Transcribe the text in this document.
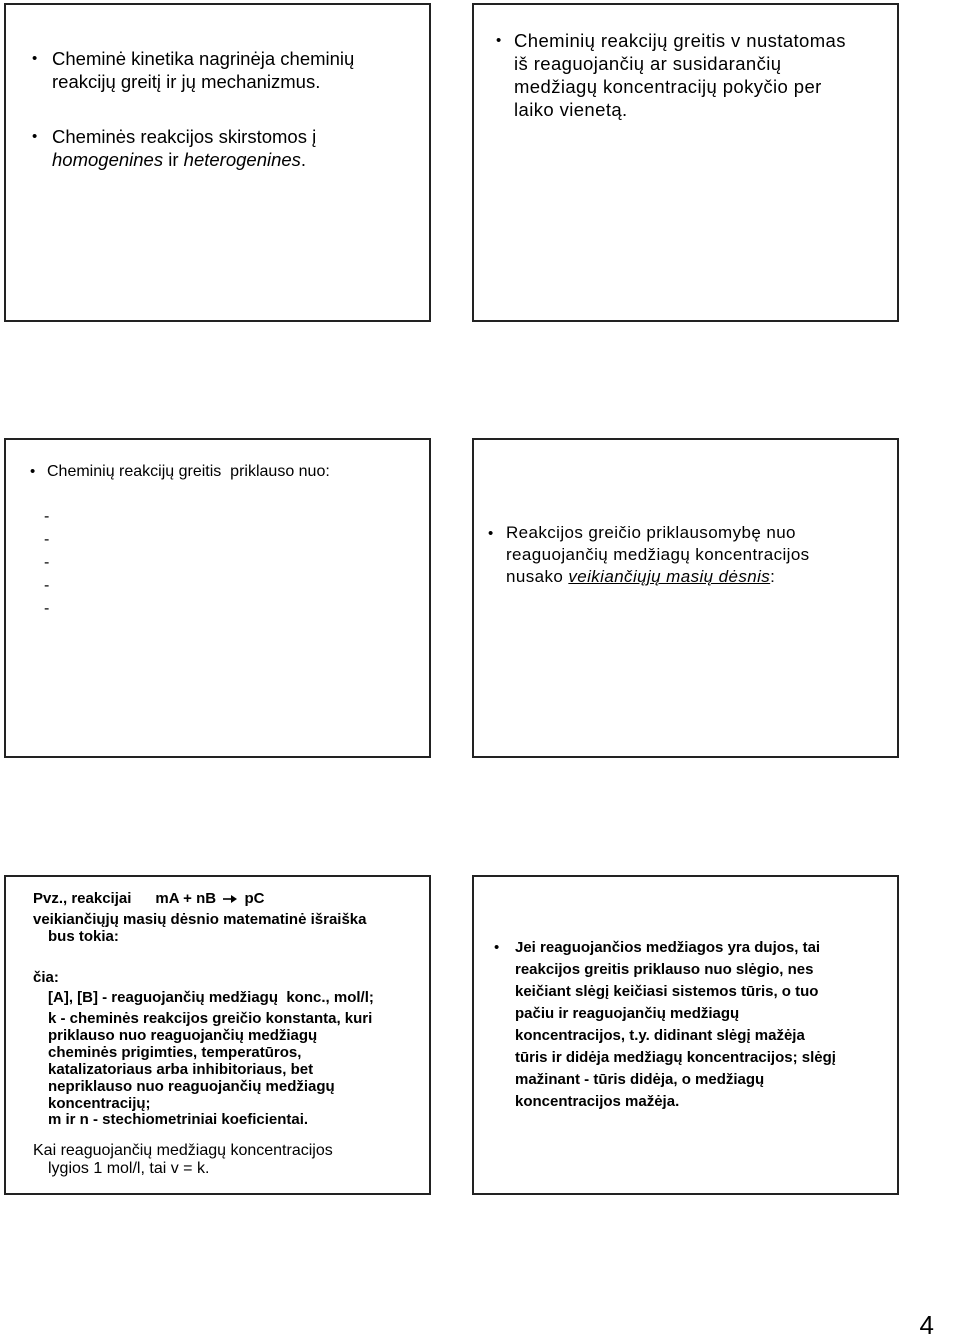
• Cheminė kinetika nagrinėja cheminių
reakcijų greitį ir jų mechanizmus.
• Cheminės reakcijos skirstomos į
homogenines ir heterogenines.
• Cheminių reakcijų greitis v nustatomas
iš reaguojančių ar susidarančių
medžiagų koncentracijų pokyčio per
laiko vienetą.
• Cheminių reakcijų greitis  priklauso nuo:
-
-
-
-
-
• Reakcijos greičio priklausomybę nuo
reaguojančių medžiagų koncentracijos
nusako veikiančiųjų masių dėsnis:
Pvz., reakcijai mA + nB pC
veikiančiųjų masių dėsnio matematinė išraiška
bus tokia:
čia:
[A], [B] - reaguojančių medžiagų  konc., mol/l;
k - cheminės reakcijos greičio konstanta, kuri
priklauso nuo reaguojančių medžiagų
cheminės prigimties, temperatūros,
katalizatoriaus arba inhibitoriaus, bet
nepriklauso nuo reaguojančių medžiagų
koncentracijų;
m ir n - stechiometriniai koeficientai.
Kai reaguojančių medžiagų koncentracijos
lygios 1 mol/l, tai v = k.
• Jei reaguojančios medžiagos yra dujos, tai
reakcijos greitis priklauso nuo slėgio, nes
keičiant slėgį keičiasi sistemos tūris, o tuo
pačiu ir reaguojančių medžiagų
koncentracijos, t.y. didinant slėgį mažėja
tūris ir didėja medžiagų koncentracijos; slėgį
mažinant - tūris didėja, o medžiagų
koncentracijos mažėja.
4
